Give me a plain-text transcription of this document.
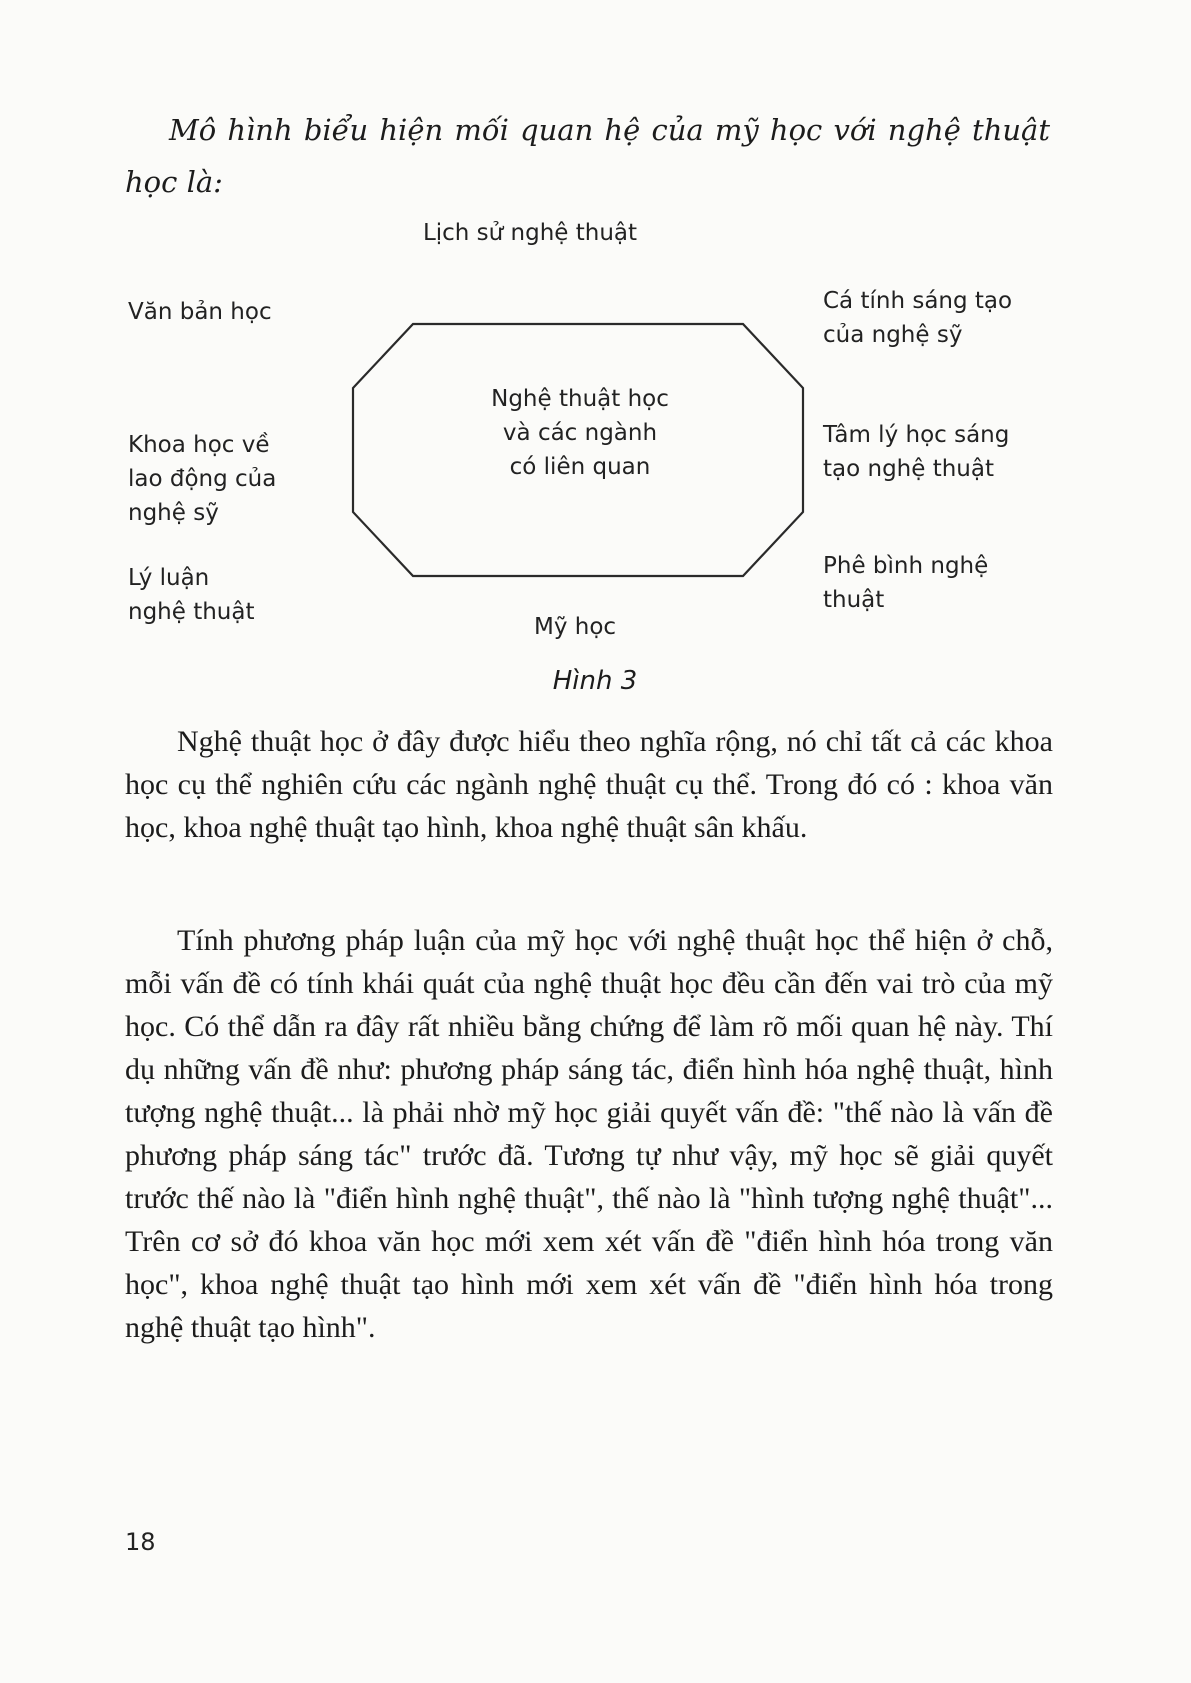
Mô hình biểu hiện mối quan hệ của mỹ học với nghệ thuật học là:

Lịch sử nghệ thuật

Văn bản học

Khoa học về
lao động của
nghệ sỹ
Lý luận
nghệ thuật
Cá tính sáng tạo
của nghệ sỹ
Tâm lý học sáng
tạo nghệ thuật
Phê bình nghệ
thuật

Mỹ học

Nghệ thuật học
và các ngành
có liên quan

Hình 3

Nghệ thuật học ở đây được hiểu theo nghĩa rộng, nó chỉ tất cả các khoa học cụ thể nghiên cứu các ngành nghệ thuật cụ thể. Trong đó có : khoa văn học, khoa nghệ thuật tạo hình, khoa nghệ thuật sân khấu.

Tính phương pháp luận của mỹ học với nghệ thuật học thể hiện ở chỗ, mỗi vấn đề có tính khái quát của nghệ thuật học đều cần đến vai trò của mỹ học. Có thể dẫn ra đây rất nhiều bằng chứng để làm rõ mối quan hệ này. Thí dụ những vấn đề như: phương pháp sáng tác, điển hình hóa nghệ thuật, hình tượng nghệ thuật... là phải nhờ mỹ học giải quyết vấn đề: "thế nào là vấn đề phương pháp sáng tác" trước đã. Tương tự như vậy, mỹ học sẽ giải quyết trước thế nào là "điển hình nghệ thuật", thế nào là "hình tượng nghệ thuật"... Trên cơ sở đó khoa văn học mới xem xét vấn đề "điển hình hóa trong văn học", khoa nghệ thuật tạo hình mới xem xét vấn đề "điển hình hóa trong nghệ thuật tạo hình".

18
